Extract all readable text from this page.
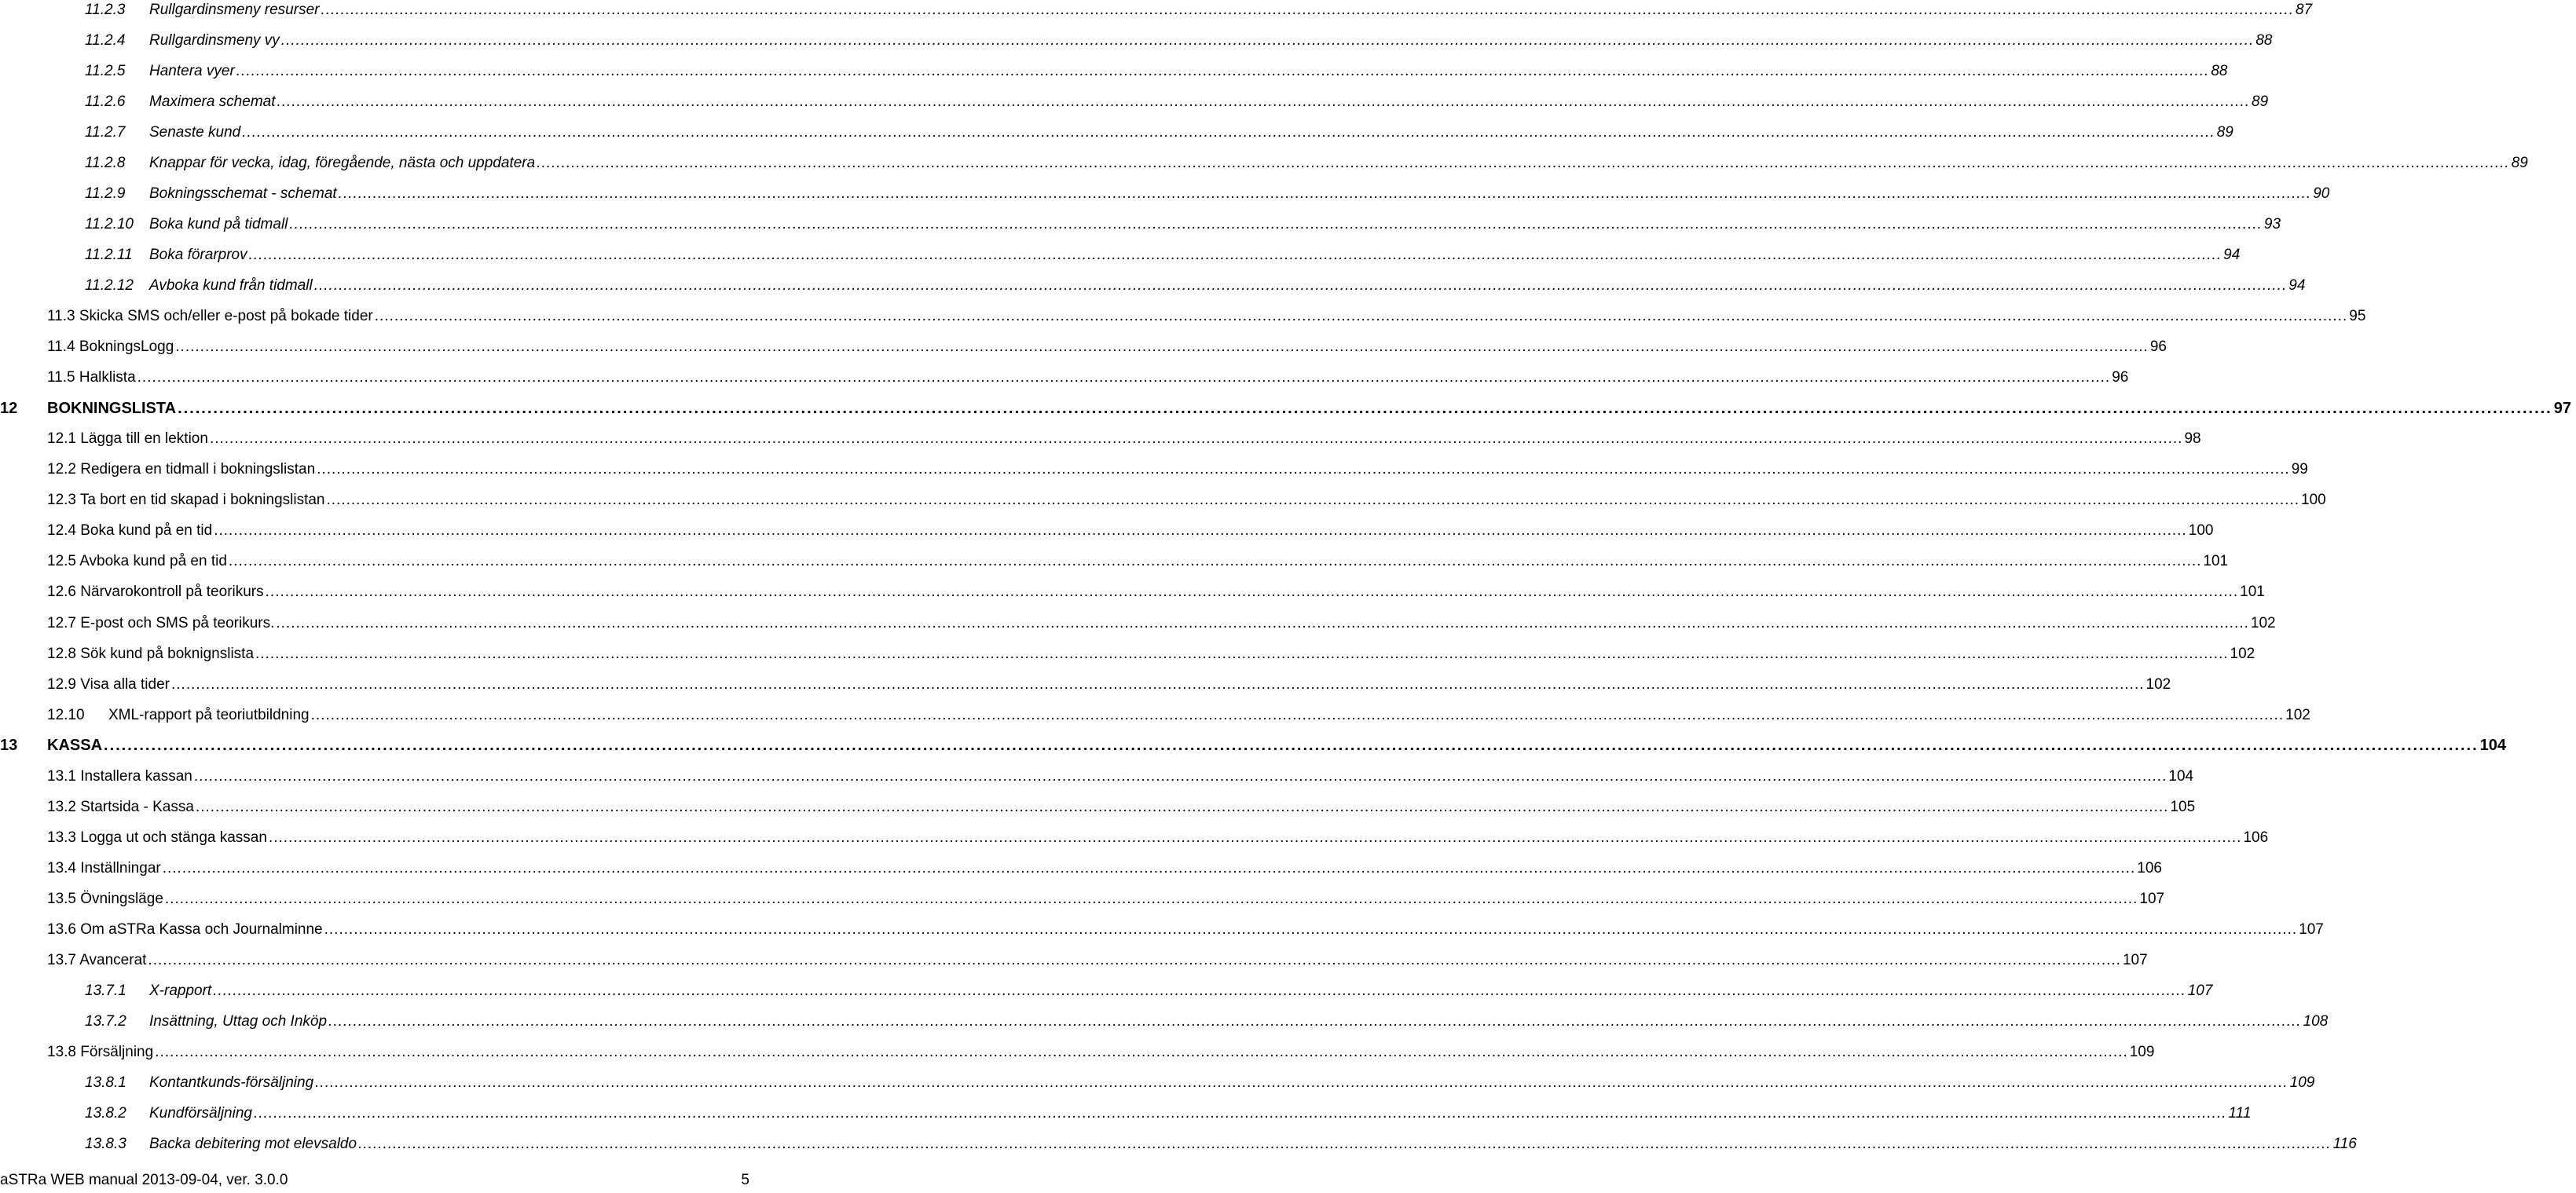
11.2.3	Rullgardinsmeny resurser ................................................................................................................................................................................................................................................................................................................................................................................................................ 87
11.2.4	Rullgardinsmeny vy ................................................................................................................................................................................................................................................................................................................................................................................................................ 88
11.2.5	Hantera vyer ................................................................................................................................................................................................................................................................................................................................................................................................................ 88
11.2.6	Maximera schemat ................................................................................................................................................................................................................................................................................................................................................................................................................ 89
11.2.7	Senaste kund ................................................................................................................................................................................................................................................................................................................................................................................................................ 89
11.2.8	Knappar för vecka, idag, föregående, nästa och uppdatera ................................................................................................................................................................................................................................................................................................................................................................................................................ 89
11.2.9	Bokningsschemat - schemat ................................................................................................................................................................................................................................................................................................................................................................................................................ 90
11.2.10	Boka kund på tidmall ................................................................................................................................................................................................................................................................................................................................................................................................................ 93
11.2.11	Boka förarprov ................................................................................................................................................................................................................................................................................................................................................................................................................ 94
11.2.12	Avboka kund från tidmall ................................................................................................................................................................................................................................................................................................................................................................................................................ 94
11.3 Skicka SMS och/eller e-post på bokade tider ................................................................................................................................................................................................................................................................................................................................................................................................................ 95
11.4 BokningsLogg ................................................................................................................................................................................................................................................................................................................................................................................................................ 96
11.5 Halklista ................................................................................................................................................................................................................................................................................................................................................................................................................ 96
12	BOKNINGSLISTA ................................................................................................................................................................................................................................................................................................................................................................................................................ 97
12.1 Lägga till en lektion ................................................................................................................................................................................................................................................................................................................................................................................................................ 98
12.2 Redigera en tidmall i bokningslistan ................................................................................................................................................................................................................................................................................................................................................................................................................ 99
12.3 Ta bort en tid skapad i bokningslistan ................................................................................................................................................................................................................................................................................................................................................................................................................ 100
12.4 Boka kund på en tid ................................................................................................................................................................................................................................................................................................................................................................................................................ 100
12.5 Avboka kund på en tid ................................................................................................................................................................................................................................................................................................................................................................................................................ 101
12.6 Närvarokontroll på teorikurs ................................................................................................................................................................................................................................................................................................................................................................................................................ 101
12.7 E-post och SMS på teorikurs. ................................................................................................................................................................................................................................................................................................................................................................................................................ 102
12.8 Sök kund på boknignslista ................................................................................................................................................................................................................................................................................................................................................................................................................ 102
12.9 Visa alla tider ................................................................................................................................................................................................................................................................................................................................................................................................................ 102
12.10	XML-rapport på teoriutbildning ................................................................................................................................................................................................................................................................................................................................................................................................................ 102
13	KASSA ................................................................................................................................................................................................................................................................................................................................................................................................................ 104
13.1 Installera kassan ................................................................................................................................................................................................................................................................................................................................................................................................................ 104
13.2 Startsida - Kassa ................................................................................................................................................................................................................................................................................................................................................................................................................ 105
13.3 Logga ut och stänga kassan ................................................................................................................................................................................................................................................................................................................................................................................................................ 106
13.4 Inställningar ................................................................................................................................................................................................................................................................................................................................................................................................................ 106
13.5 Övningsläge ................................................................................................................................................................................................................................................................................................................................................................................................................ 107
13.6 Om aSTRa Kassa och Journalminne ................................................................................................................................................................................................................................................................................................................................................................................................................ 107
13.7 Avancerat ................................................................................................................................................................................................................................................................................................................................................................................................................ 107
13.7.1	X-rapport ................................................................................................................................................................................................................................................................................................................................................................................................................ 107
13.7.2	Insättning, Uttag och Inköp ................................................................................................................................................................................................................................................................................................................................................................................................................ 108
13.8 Försäljning ................................................................................................................................................................................................................................................................................................................................................................................................................ 109
13.8.1	Kontantkunds-försäljning ................................................................................................................................................................................................................................................................................................................................................................................................................ 109
13.8.2	Kundförsäljning ................................................................................................................................................................................................................................................................................................................................................................................................................ 111
13.8.3	Backa debitering mot elevsaldo ................................................................................................................................................................................................................................................................................................................................................................................................................ 116
aSTRa WEB manual 2013-09-04, ver. 3.0.0	5
